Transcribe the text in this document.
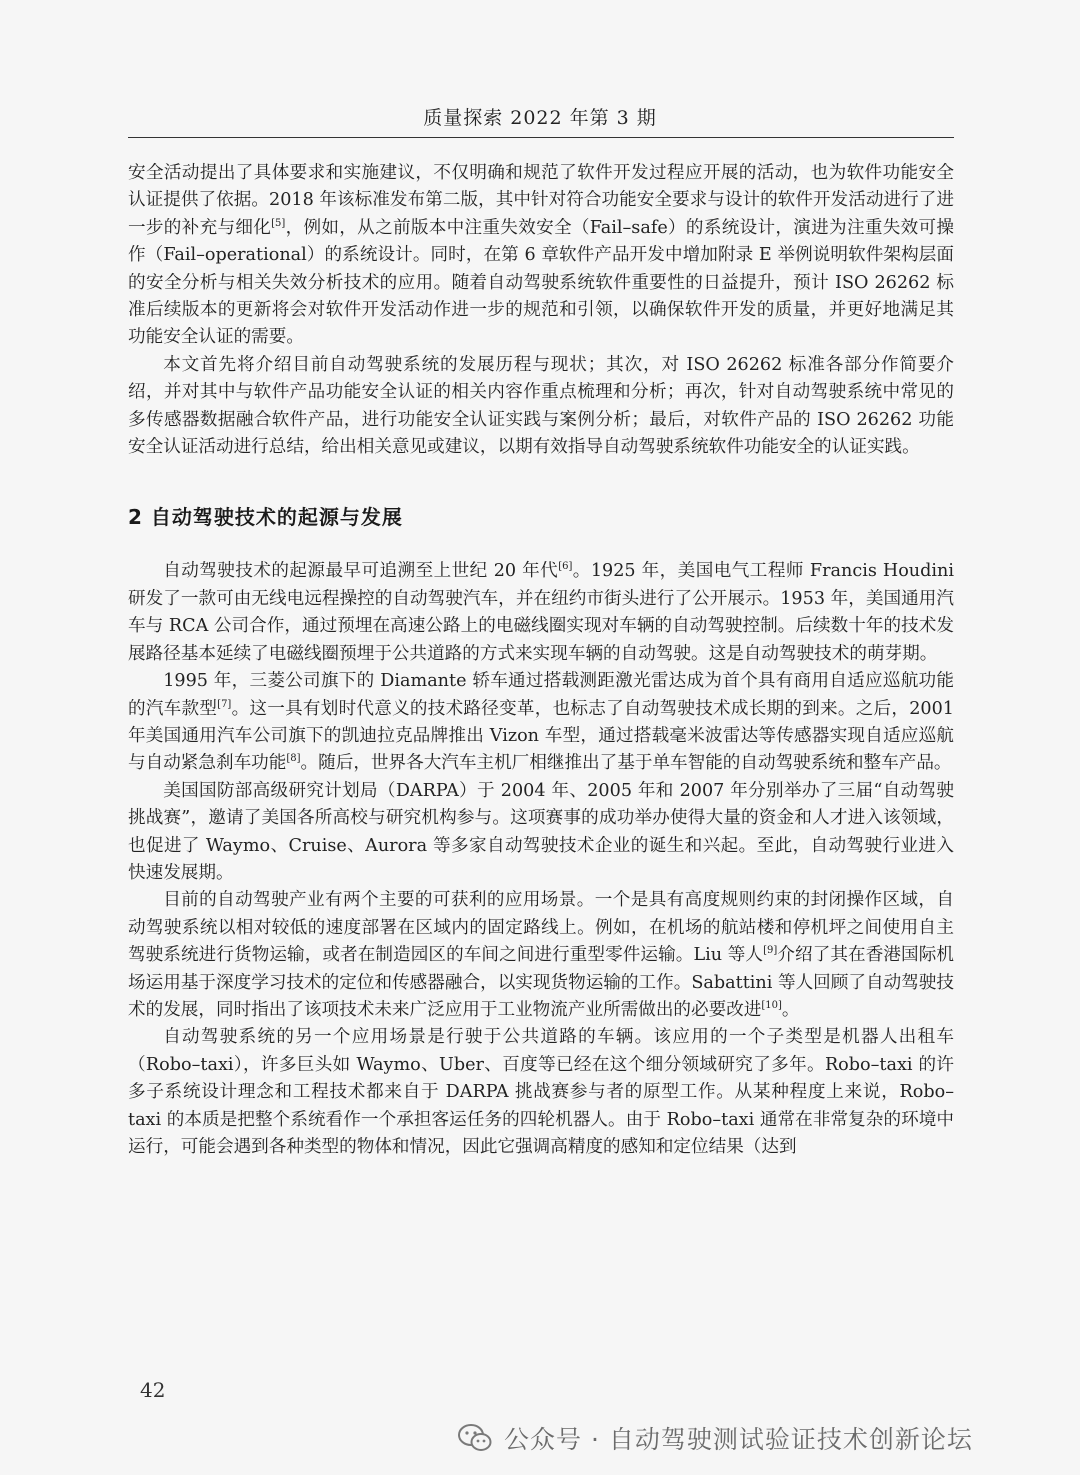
质量探索 2022 年第 3 期

安全活动提出了具体要求和实施建议，不仅明确和规范了软件开发过程应开展的活动，也为软件功能安全认证提供了依据。2018 年该标准发布第二版，其中针对符合功能安全要求与设计的软件开发活动进行了进一步的补充与细化[5]，例如，从之前版本中注重失效安全（Fail–safe）的系统设计，演进为注重失效可操作（Fail–operational）的系统设计。同时，在第 6 章软件产品开发中增加附录 E 举例说明软件架构层面的安全分析与相关失效分析技术的应用。随着自动驾驶系统软件重要性的日益提升，预计 ISO 26262 标准后续版本的更新将会对软件开发活动作进一步的规范和引领，以确保软件开发的质量，并更好地满足其功能安全认证的需要。

本文首先将介绍目前自动驾驶系统的发展历程与现状；其次，对 ISO 26262 标准各部分作简要介绍，并对其中与软件产品功能安全认证的相关内容作重点梳理和分析；再次，针对自动驾驶系统中常见的多传感器数据融合软件产品，进行功能安全认证实践与案例分析；最后，对软件产品的 ISO 26262 功能安全认证活动进行总结，给出相关意见或建议，以期有效指导自动驾驶系统软件功能安全的认证实践。

2 自动驾驶技术的起源与发展

自动驾驶技术的起源最早可追溯至上世纪 20 年代[6]。1925 年，美国电气工程师 Francis Houdini 研发了一款可由无线电远程操控的自动驾驶汽车，并在纽约市街头进行了公开展示。1953 年，美国通用汽车与 RCA 公司合作，通过预埋在高速公路上的电磁线圈实现对车辆的自动驾驶控制。后续数十年的技术发展路径基本延续了电磁线圈预埋于公共道路的方式来实现车辆的自动驾驶。这是自动驾驶技术的萌芽期。

1995 年，三菱公司旗下的 Diamante 轿车通过搭载测距激光雷达成为首个具有商用自适应巡航功能的汽车款型[7]。这一具有划时代意义的技术路径变革，也标志了自动驾驶技术成长期的到来。之后，2001 年美国通用汽车公司旗下的凯迪拉克品牌推出 Vizon 车型，通过搭载毫米波雷达等传感器实现自适应巡航与自动紧急刹车功能[8]。随后，世界各大汽车主机厂相继推出了基于单车智能的自动驾驶系统和整车产品。

美国国防部高级研究计划局（DARPA）于 2004 年、2005 年和 2007 年分别举办了三届“自动驾驶挑战赛”，邀请了美国各所高校与研究机构参与。这项赛事的成功举办使得大量的资金和人才进入该领域，也促进了 Waymo、Cruise、Aurora 等多家自动驾驶技术企业的诞生和兴起。至此，自动驾驶行业进入快速发展期。

目前的自动驾驶产业有两个主要的可获利的应用场景。一个是具有高度规则约束的封闭操作区域，自动驾驶系统以相对较低的速度部署在区域内的固定路线上。例如，在机场的航站楼和停机坪之间使用自主驾驶系统进行货物运输，或者在制造园区的车间之间进行重型零件运输。Liu 等人[9]介绍了其在香港国际机场运用基于深度学习技术的定位和传感器融合，以实现货物运输的工作。Sabattini 等人回顾了自动驾驶技术的发展，同时指出了该项技术未来广泛应用于工业物流产业所需做出的必要改进[10]。

自动驾驶系统的另一个应用场景是行驶于公共道路的车辆。该应用的一个子类型是机器人出租车（Robo–taxi），许多巨头如 Waymo、Uber、百度等已经在这个细分领域研究了多年。Robo–taxi 的许多子系统设计理念和工程技术都来自于 DARPA 挑战赛参与者的原型工作。从某种程度上来说，Robo–taxi 的本质是把整个系统看作一个承担客运任务的四轮机器人。由于 Robo–taxi 通常在非常复杂的环境中运行，可能会遇到各种类型的物体和情况，因此它强调高精度的感知和定位结果（达到

42
公众号 · 自动驾驶测试验证技术创新论坛
